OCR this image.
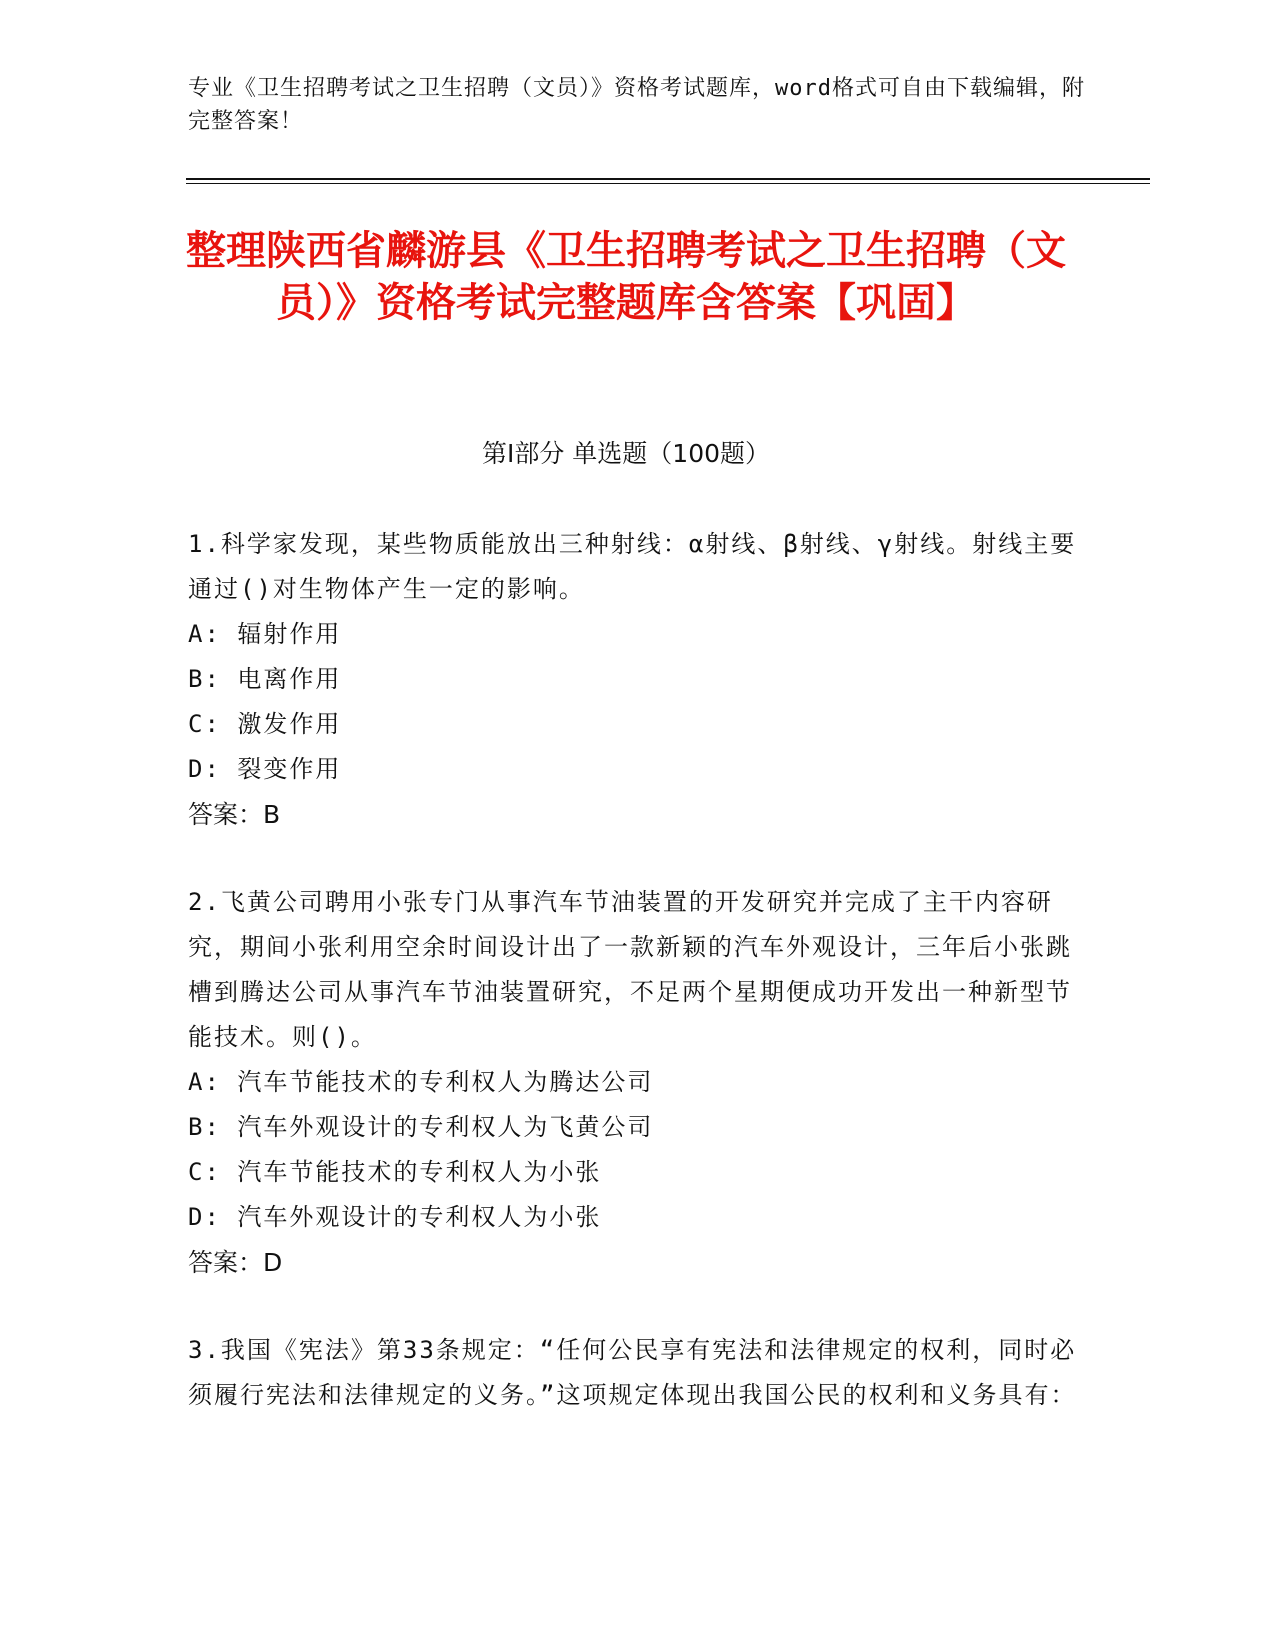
专业《卫生招聘考试之卫生招聘（文员）》资格考试题库，word格式可自由下载编辑，附完整答案！
整理陕西省麟游县《卫生招聘考试之卫生招聘（文员）》资格考试完整题库含答案【巩固】
第Ⅰ部分 单选题（100题）

1.科学家发现，某些物质能放出三种射线：α射线、β射线、γ射线。射线主要通过()对生物体产生一定的影响。

A: 辐射作用

B: 电离作用

C: 激发作用

D: 裂变作用

答案：B

2.飞黄公司聘用小张专门从事汽车节油装置的开发研究并完成了主干内容研究，期间小张利用空余时间设计出了一款新颖的汽车外观设计，三年后小张跳槽到腾达公司从事汽车节油装置研究，不足两个星期便成功开发出一种新型节能技术。则()。

A: 汽车节能技术的专利权人为腾达公司

B: 汽车外观设计的专利权人为飞黄公司

C: 汽车节能技术的专利权人为小张

D: 汽车外观设计的专利权人为小张

答案：D

3.我国《宪法》第33条规定：“任何公民享有宪法和法律规定的权利，同时必须履行宪法和法律规定的义务。”这项规定体现出我国公民的权利和义务具有：
